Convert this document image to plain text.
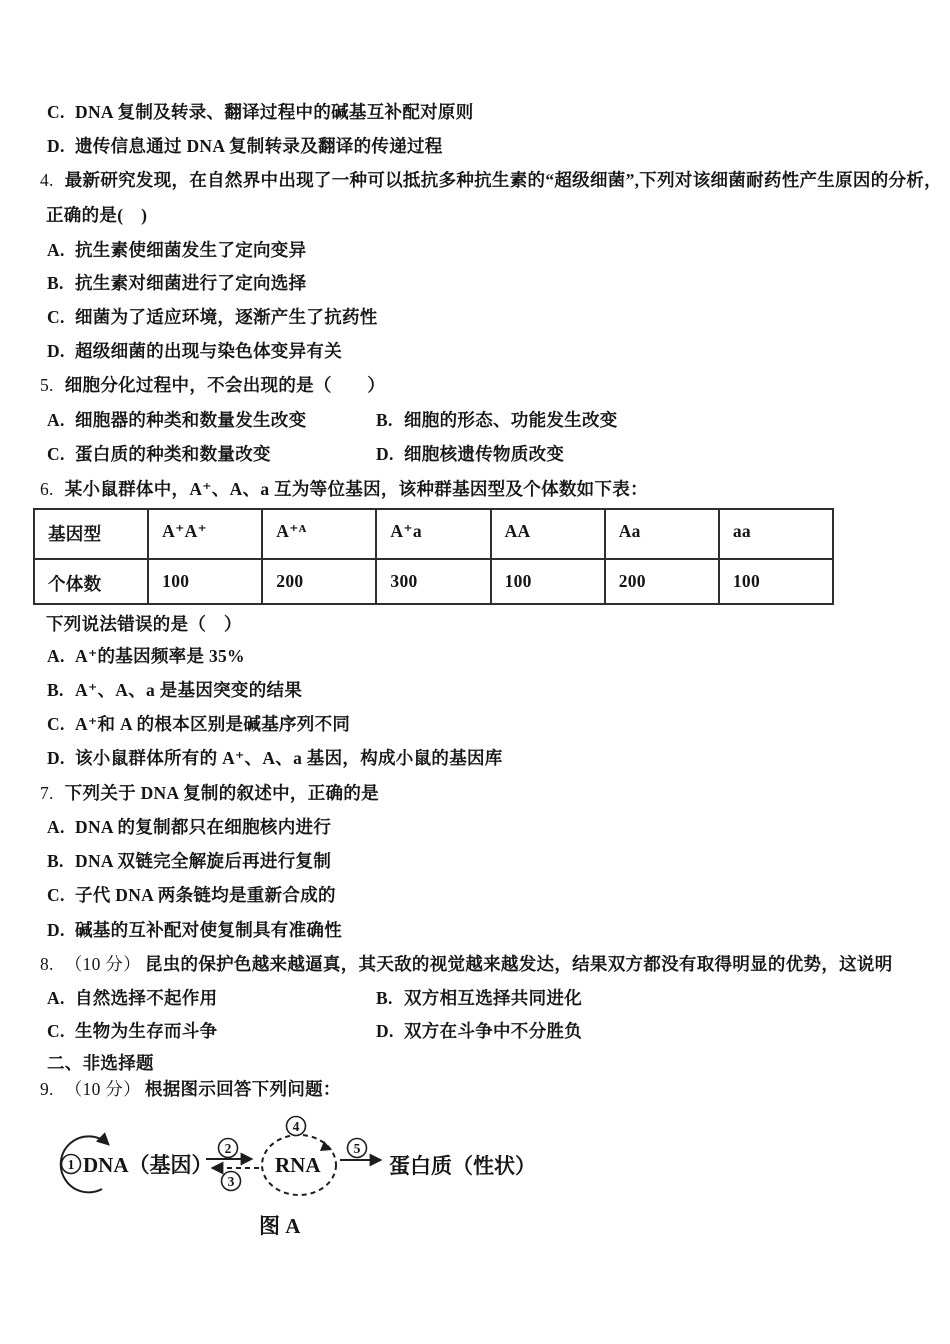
C. DNA 复制及转录、翻译过程中的碱基互补配对原则
D. 遗传信息通过 DNA 复制转录及翻译的传递过程
4. 最新研究发现，在自然界中出现了一种可以抵抗多种抗生素的“超级细菌”,下列对该细菌耐药性产生原因的分析，
正确的是(　)
A. 抗生素使细菌发生了定向变异
B. 抗生素对细菌进行了定向选择
C. 细菌为了适应环境，逐渐产生了抗药性
D. 超级细菌的出现与染色体变异有关
5. 细胞分化过程中，不会出现的是（　　）
A. 细胞器的种类和数量发生改变	B. 细胞的形态、功能发生改变
C. 蛋白质的种类和数量改变	D. 细胞核遗传物质改变
6. 某小鼠群体中，A⁺、A、a 互为等位基因，该种群基因型及个体数如下表：
基因型	A⁺A⁺	A⁺ᴬ	A⁺a	AA	Aa	aa
个体数	100	200	300	100	200	100
下列说法错误的是（　）
A. A⁺的基因频率是 35%
B. A⁺、A、a 是基因突变的结果
C. A⁺和 A 的根本区别是碱基序列不同
D. 该小鼠群体所有的 A⁺、A、a 基因，构成小鼠的基因库
7. 下列关于 DNA 复制的叙述中，正确的是
A. DNA 的复制都只在细胞核内进行
B. DNA 双链完全解旋后再进行复制
C. 子代 DNA 两条链均是重新合成的
D. 碱基的互补配对使复制具有准确性
8. （10 分） 昆虫的保护色越来越逼真，其天敌的视觉越来越发达，结果双方都没有取得明显的优势，这说明
A. 自然选择不起作用	B. 双方相互选择共同进化
C. 生物为生存而斗争	D. 双方在斗争中不分胜负
二、非选择题
9. （10 分） 根据图示回答下列问题：
1 DNA（基因）
2
3
4
RNA
5
蛋白质（性状）
图 A
